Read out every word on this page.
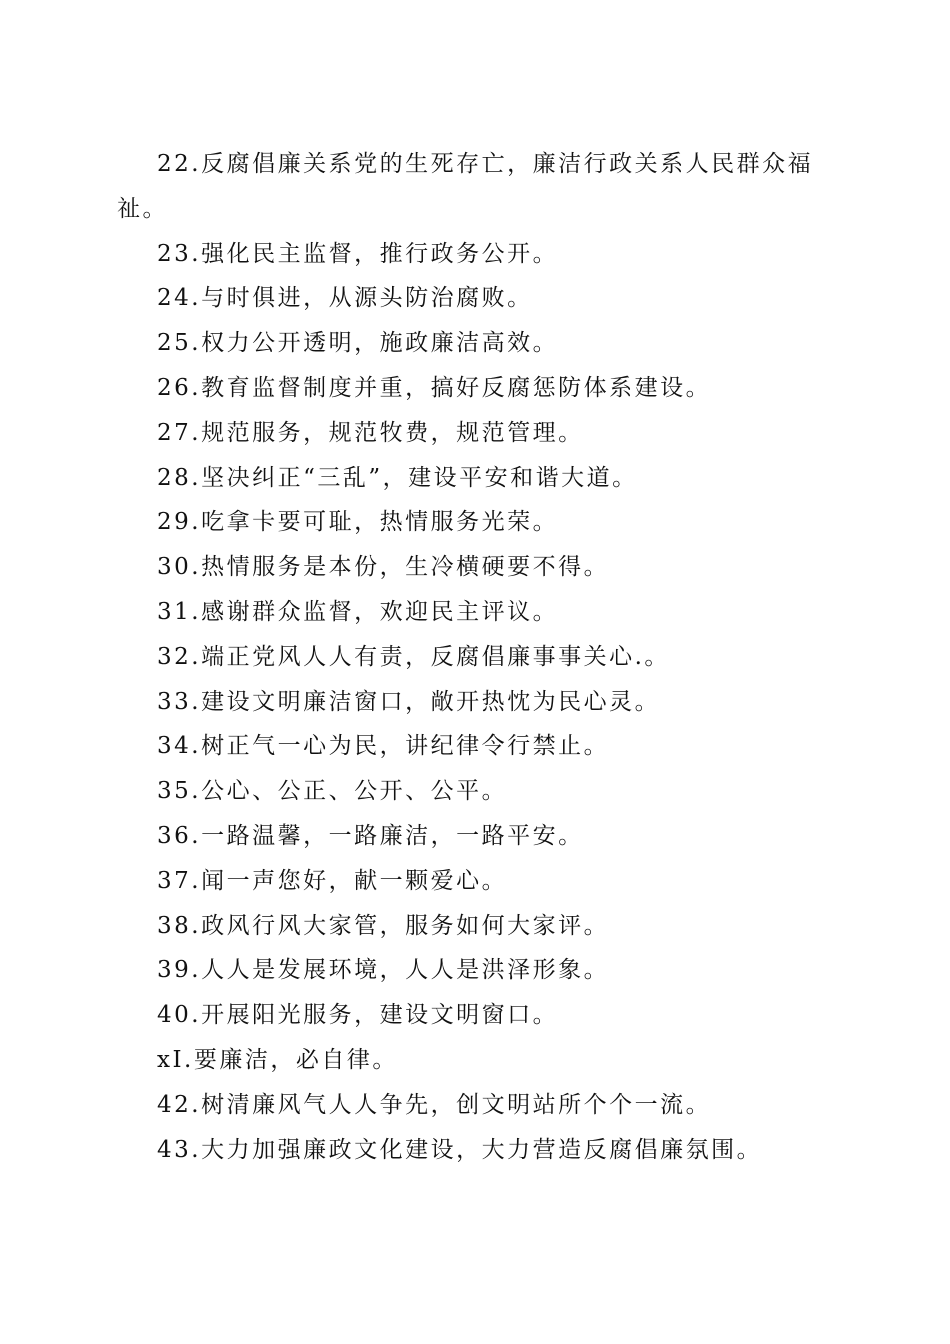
22.反腐倡廉关系党的生死存亡，廉洁行政关系人民群众福祉。

23.强化民主监督，推行政务公开。

24.与时俱进，从源头防治腐败。

25.权力公开透明，施政廉洁高效。

26.教育监督制度并重，搞好反腐惩防体系建设。

27.规范服务，规范牧费，规范管理。

28.坚决纠正“三乱”，建设平安和谐大道。

29.吃拿卡要可耻，热情服务光荣。

30.热情服务是本份，生冷横硬要不得。

31.感谢群众监督，欢迎民主评议。

32.端正党风人人有责，反腐倡廉事事关心.。

33.建设文明廉洁窗口，敞开热忱为民心灵。

34.树正气一心为民，讲纪律令行禁止。

35.公心、公正、公开、公平。

36.一路温馨，一路廉洁，一路平安。

37.闻一声您好，献一颗爱心。

38.政风行风大家管，服务如何大家评。

39.人人是发展环境，人人是洪泽形象。

40.开展阳光服务，建设文明窗口。

xI.要廉洁，必自律。

42.树清廉风气人人争先，创文明站所个个一流。

43.大力加强廉政文化建设，大力营造反腐倡廉氛围。
